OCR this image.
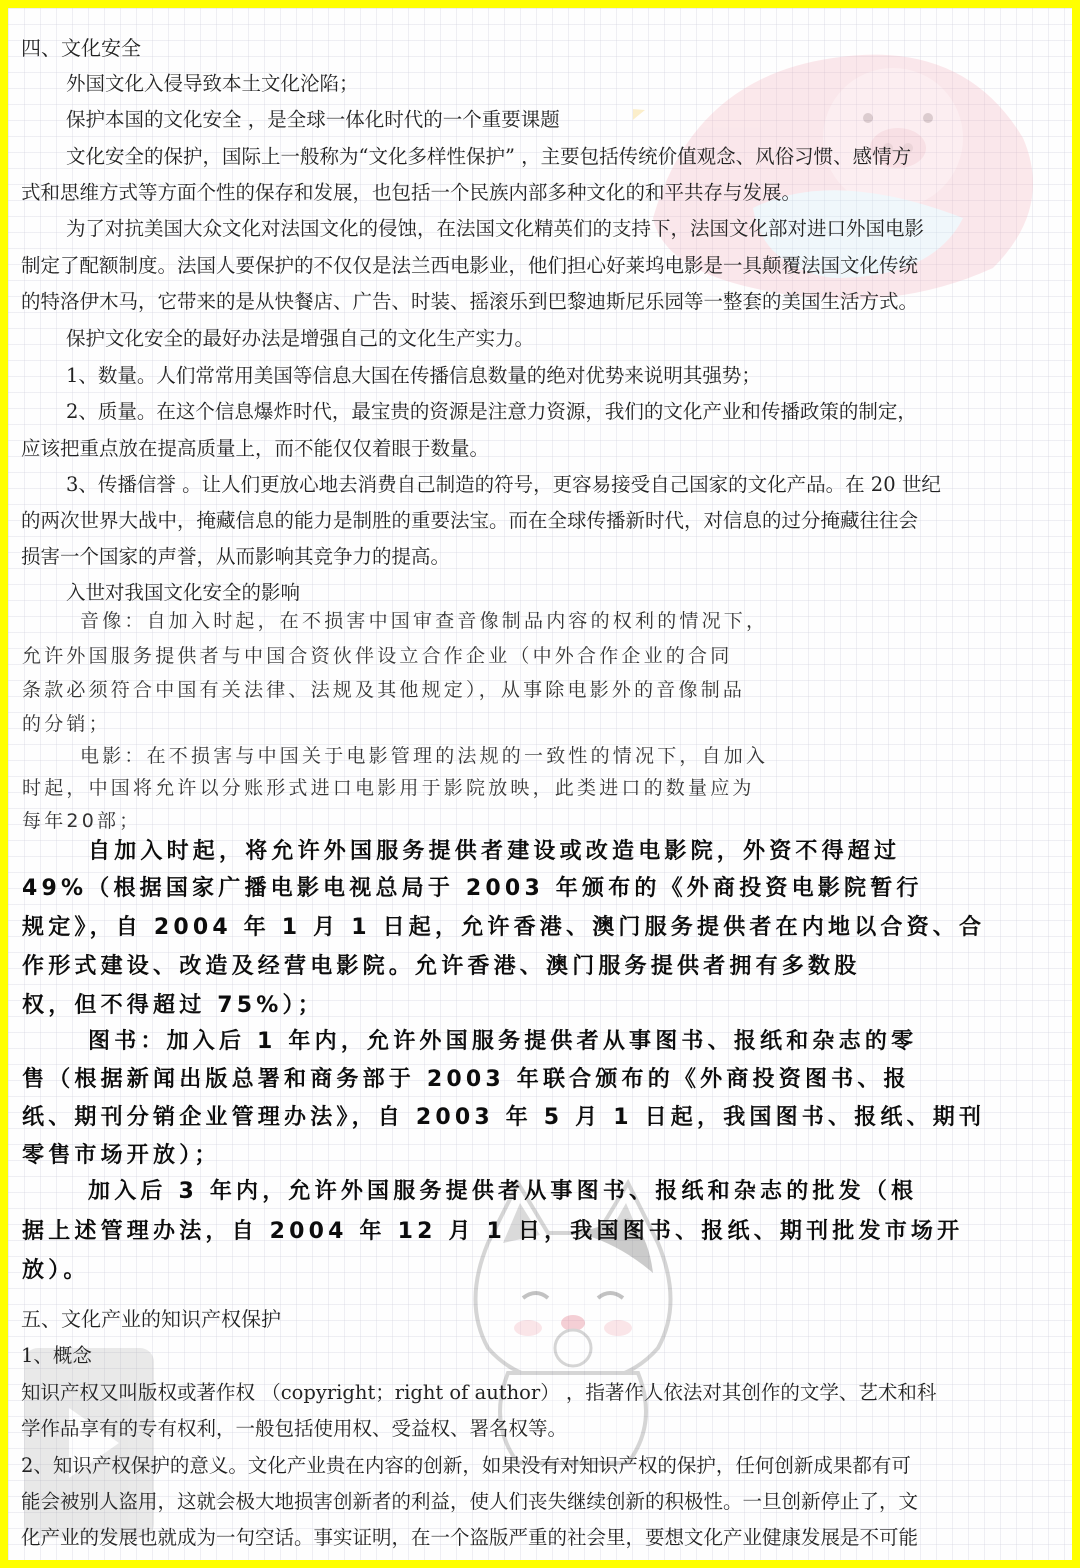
四、文化安全
外国文化入侵导致本土文化沦陷；
保护本国的文化安全 ，是全球一体化时代的一个重要课题
文化安全的保护，国际上一般称为“文化多样性保护” ，主要包括传统价值观念、风俗习惯、感情方
式和思维方式等方面个性的保存和发展，也包括一个民族内部多种文化的和平共存与发展。
为了对抗美国大众文化对法国文化的侵蚀，在法国文化精英们的支持下，法国文化部对进口外国电影
制定了配额制度。法国人要保护的不仅仅是法兰西电影业，他们担心好莱坞电影是一具颠覆法国文化传统
的特洛伊木马，它带来的是从快餐店、广告、时装、摇滚乐到巴黎迪斯尼乐园等一整套的美国生活方式。
保护文化安全的最好办法是增强自己的文化生产实力。
1、数量。人们常常用美国等信息大国在传播信息数量的绝对优势来说明其强势；
2、质量。在这个信息爆炸时代，最宝贵的资源是注意力资源，我们的文化产业和传播政策的制定，
应该把重点放在提高质量上，而不能仅仅着眼于数量。
3、传播信誉 。让人们更放心地去消费自己制造的符号，更容易接受自己国家的文化产品。在 20 世纪
的两次世界大战中，掩藏信息的能力是制胜的重要法宝。而在全球传播新时代，对信息的过分掩藏往往会
损害一个国家的声誉，从而影响其竞争力的提高。
入世对我国文化安全的影响
音像：自加入时起，在不损害中国审查音像制品内容的权利的情况下，
允许外国服务提供者与中国合资伙伴设立合作企业（中外合作企业的合同
条款必须符合中国有关法律、法规及其他规定），从事除电影外的音像制品
的分销；
电影：在不损害与中国关于电影管理的法规的一致性的情况下，自加入
时起，中国将允许以分账形式进口电影用于影院放映，此类进口的数量应为
每年20部；
自加入时起，将允许外国服务提供者建设或改造电影院，外资不得超过
49%（根据国家广播电影电视总局于 2003 年颁布的《外商投资电影院暂行
规定》，自 2004 年 1 月 1 日起，允许香港、澳门服务提供者在内地以合资、合
作形式建设、改造及经营电影院。允许香港、澳门服务提供者拥有多数股
权，但不得超过 75%）；
图书：加入后 1 年内，允许外国服务提供者从事图书、报纸和杂志的零
售（根据新闻出版总署和商务部于 2003 年联合颁布的《外商投资图书、报
纸、期刊分销企业管理办法》，自 2003 年 5 月 1 日起，我国图书、报纸、期刊
零售市场开放）；
加入后 3 年内，允许外国服务提供者从事图书、报纸和杂志的批发（根
据上述管理办法，自 2004 年 12 月 1 日，我国图书、报纸、期刊批发市场开
放）。
五、文化产业的知识产权保护
1、概念
知识产权又叫版权或著作权 （copyright；right of author） ，指著作人依法对其创作的文学、艺术和科
学作品享有的专有权利，一般包括使用权、受益权、署名权等。
2、知识产权保护的意义。文化产业贵在内容的创新，如果没有对知识产权的保护，任何创新成果都有可
能会被别人盗用，这就会极大地损害创新者的利益，使人们丧失继续创新的积极性。一旦创新停止了，文
化产业的发展也就成为一句空话。事实证明，在一个盗版严重的社会里，要想文化产业健康发展是不可能
